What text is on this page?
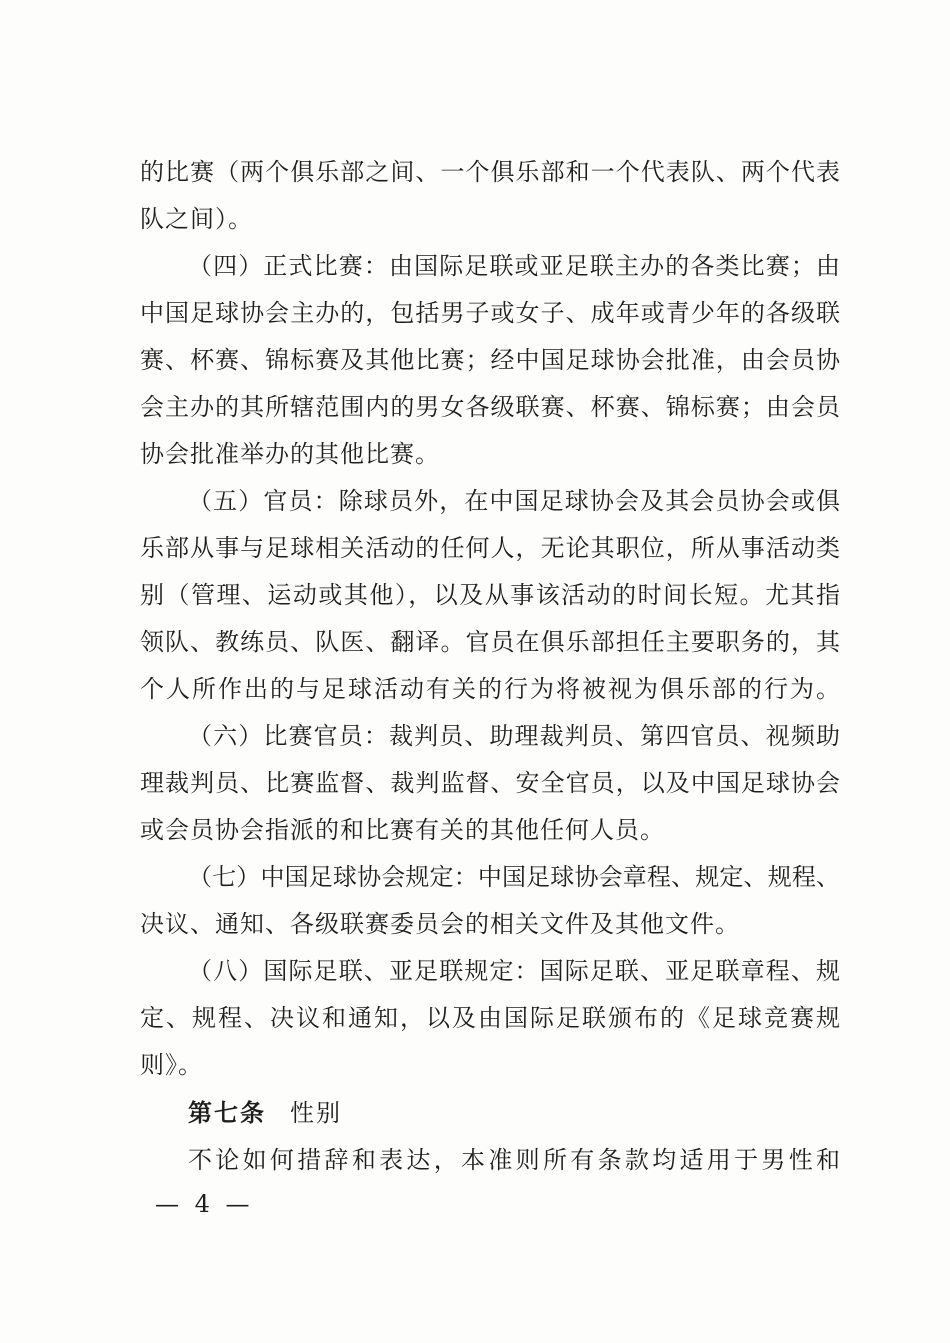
的比赛（两个俱乐部之间、一个俱乐部和一个代表队、两个代表
队之间）。
（四）正式比赛：由国际足联或亚足联主办的各类比赛；由
中国足球协会主办的，包括男子或女子、成年或青少年的各级联
赛、杯赛、锦标赛及其他比赛；经中国足球协会批准，由会员协
会主办的其所辖范围内的男女各级联赛、杯赛、锦标赛；由会员
协会批准举办的其他比赛。
（五）官员：除球员外，在中国足球协会及其会员协会或俱
乐部从事与足球相关活动的任何人，无论其职位，所从事活动类
别（管理、运动或其他），以及从事该活动的时间长短。尤其指
领队、教练员、队医、翻译。官员在俱乐部担任主要职务的，其
个人所作出的与足球活动有关的行为将被视为俱乐部的行为。
（六）比赛官员：裁判员、助理裁判员、第四官员、视频助
理裁判员、比赛监督、裁判监督、安全官员，以及中国足球协会
或会员协会指派的和比赛有关的其他任何人员。
（七）中国足球协会规定：中国足球协会章程、规定、规程、
决议、通知、各级联赛委员会的相关文件及其他文件。
（八）国际足联、亚足联规定：国际足联、亚足联章程、规
定、规程、决议和通知，以及由国际足联颁布的《足球竞赛规
则》。
第七条 性别
不论如何措辞和表达，本准则所有条款均适用于男性和
— 4 —
